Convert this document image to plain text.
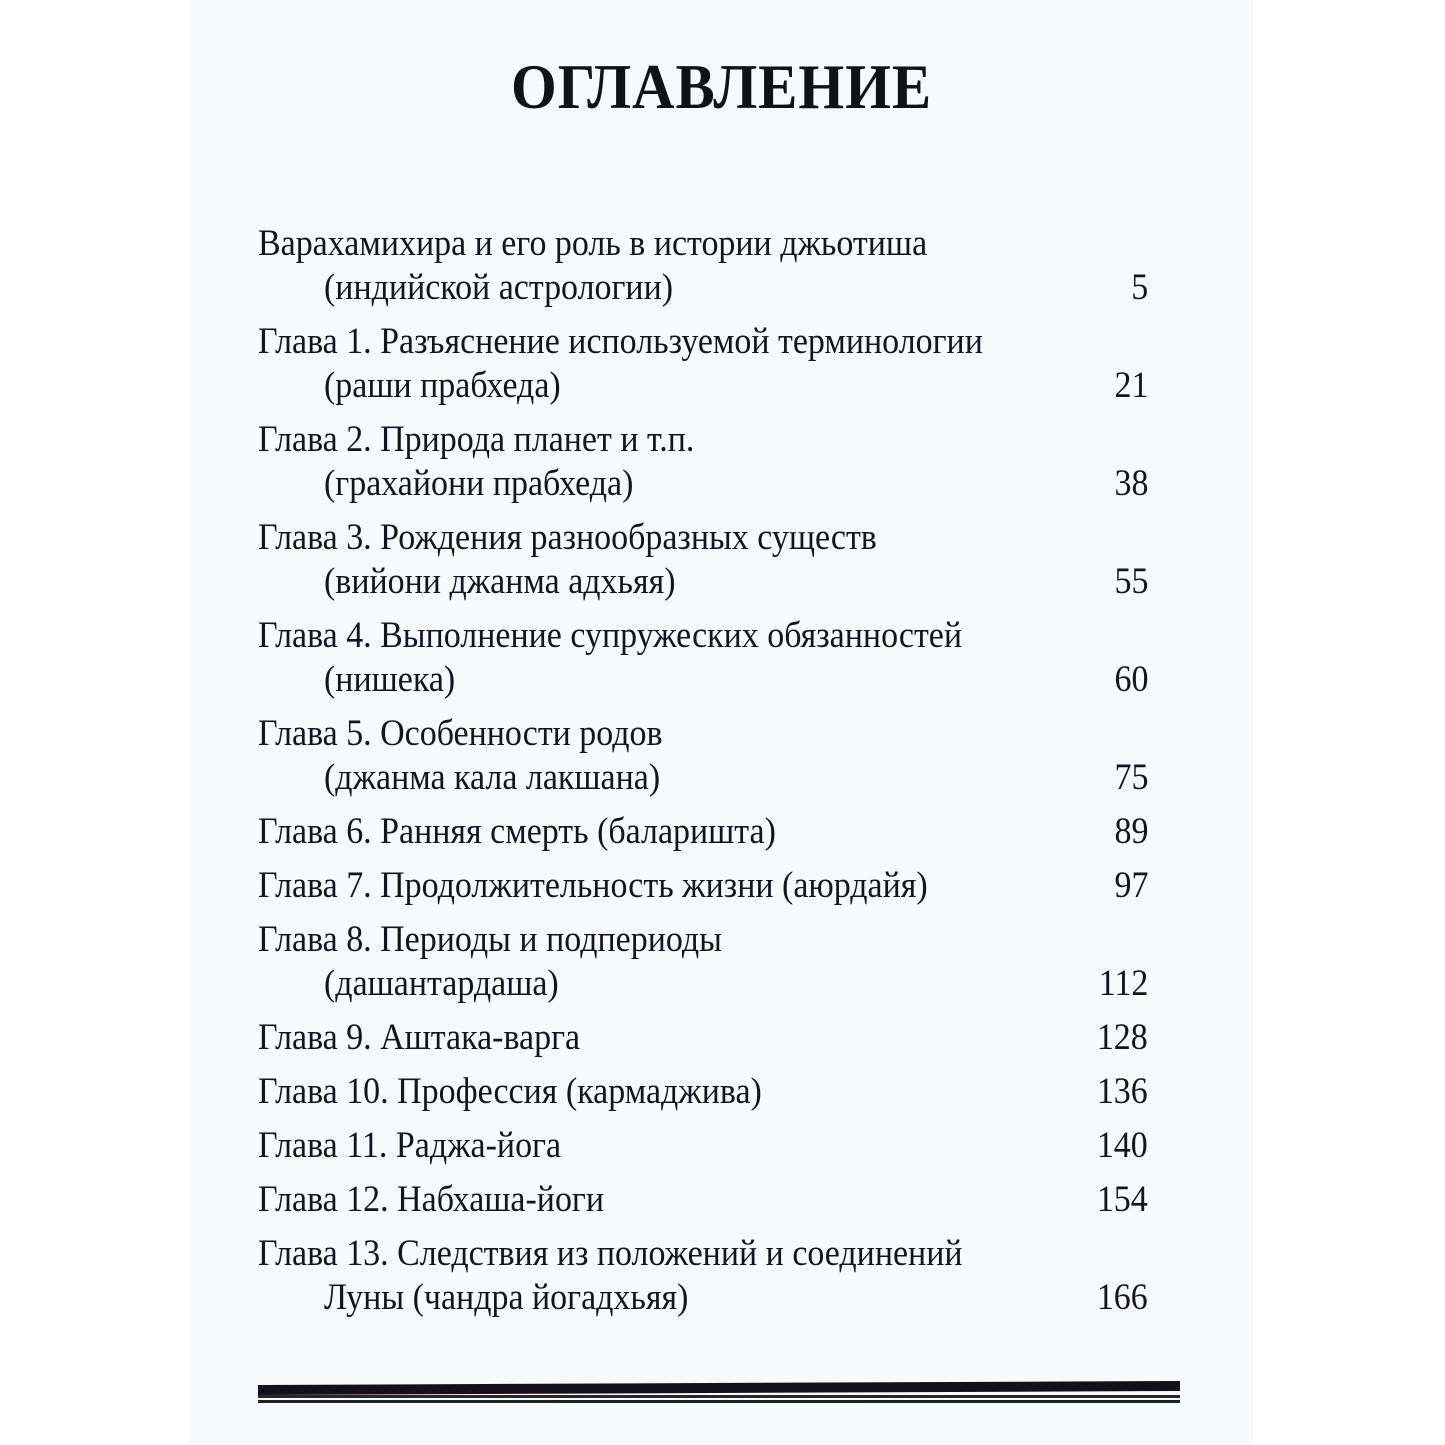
ОГЛАВЛЕНИЕ
Варахамихира и его роль в истории джьотиша
(индийской астрологии)	5
Глава 1. Разъяснение используемой терминологии
(раши прабхеда)	21
Глава 2. Природа планет и т.п.
(грахайони прабхеда)	38
Глава 3. Рождения разнообразных существ
(вийони джанма адхьяя)	55
Глава 4. Выполнение супружеских обязанностей
(нишека)	60
Глава 5. Особенности родов
(джанма кала лакшана)	75
Глава 6. Ранняя смерть (баларишта)	89
Глава 7. Продолжительность жизни (аюрдайя)	97
Глава 8. Периоды и подпериоды
(дашантардаша)	112
Глава 9. Аштака-варга	128
Глава 10. Профессия (кармаджива)	136
Глава 11. Раджа-йога	140
Глава 12. Набхаша-йоги	154
Глава 13. Следствия из положений и соединений
Луны (чандра йогадхьяя)	166
